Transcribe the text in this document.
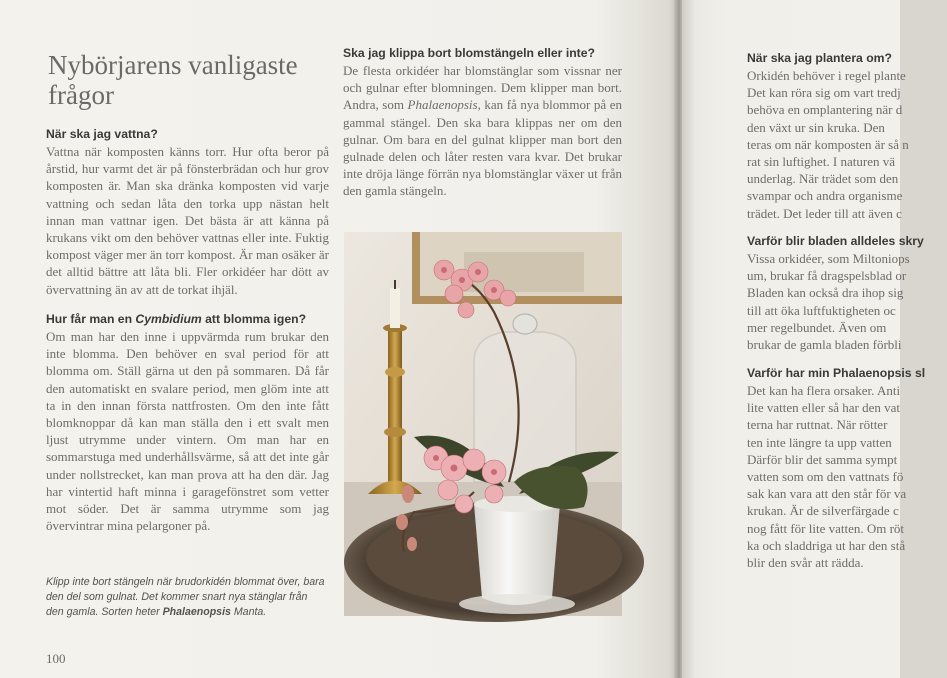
Nybörjarens vanligaste frågor
När ska jag vattna?

Vattna när komposten känns torr. Hur ofta beror på årstid, hur varmt det är på fönsterbrädan och hur grov komposten är. Man ska dränka komposten vid varje vattning och sedan låta den torka upp nästan helt innan man vattnar igen. Det bästa är att känna på krukans vikt om den behöver vattnas eller inte. Fuktig kompost väger mer än torr kompost. Är man osäker är det alltid bättre att låta bli. Fler orkidéer har dött av övervattning än av att de torkat ihjäl.

Hur får man en Cymbidium att blomma igen?

Om man har den inne i uppvärmda rum brukar den inte blomma. Den behöver en sval period för att blomma om. Ställ gärna ut den på sommaren. Då får den automatiskt en svalare period, men glöm inte att ta in den innan första nattfrosten. Om den inte fått blomknoppar då kan man ställa den i ett svalt men ljust utrymme under vintern. Om man har en sommarstuga med underhållsvärme, så att det inte går under nollstrecket, kan man prova att ha den där. Jag har vintertid haft minna i garagefönstret som vetter mot söder. Det är samma utrymme som jag övervintrar mina pelargoner på.

Ska jag klippa bort blomstängeln eller inte?

De flesta orkidéer har blomstänglar som vissnar ner och gulnar efter blomningen. Dem klipper man bort. Andra, som Phalaenopsis, kan få nya blommor på en gammal stängel. Den ska bara klippas ner om den gulnar. Om bara en del gulnat klipper man bort den gulnade delen och låter resten vara kvar. Det brukar inte dröja länge förrän nya blomstänglar växer ut från den gamla stängeln.

Klipp inte bort stängeln när brudorkidén blommat över, bara den del som gulnat. Det kommer snart nya stänglar från den gamla. Sorten heter Phalaenopsis Manta.

100

När ska jag plantera om?

Orkidén behöver i regel plante

Det kan röra sig om vart tredj

behöva en omplantering när d

den växt ur sin kruka. Den

teras om när komposten är så n

rat sin luftighet. I naturen vä

underlag. När trädet som den

svampar och andra organisme

trädet. Det leder till att även c

Varför blir bladen alldeles skry

Vissa orkidéer, som Miltoniops

um, brukar få dragspelsblad or

Bladen kan också dra ihop sig

till att öka luftfuktigheten oc

mer regelbundet. Även om

brukar de gamla bladen förbli

Varför har min Phalaenopsis sl

Det kan ha flera orsaker. Anti

lite vatten eller så har den vat

terna har ruttnat. När rötter

ten inte längre ta upp vatten

Därför blir det samma sympt

vatten som om den vattnats fö

sak kan vara att den står för va

krukan. Är de silverfärgade c

nog fått för lite vatten. Om röt

ka och sladdriga ut har den stå

blir den svår att rädda.
